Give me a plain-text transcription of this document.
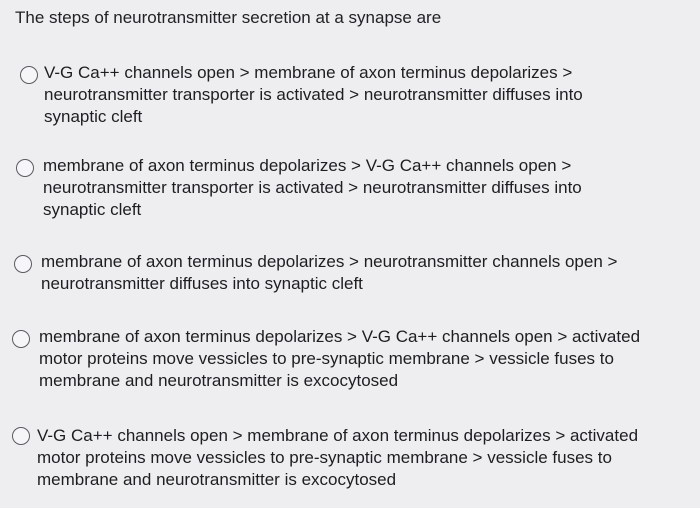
The steps of neurotransmitter secretion at a synapse are
V-G Ca++ channels open > membrane of axon terminus depolarizes >
neurotransmitter transporter is activated > neurotransmitter diffuses into
synaptic cleft
membrane of axon terminus depolarizes > V-G Ca++ channels open >
neurotransmitter transporter is activated > neurotransmitter diffuses into
synaptic cleft
membrane of axon terminus depolarizes > neurotransmitter channels open >
neurotransmitter diffuses into synaptic cleft
membrane of axon terminus depolarizes > V-G Ca++ channels open > activated
motor proteins move vessicles to pre-synaptic membrane > vessicle fuses to
membrane and neurotransmitter is excocytosed
V-G Ca++ channels open > membrane of axon terminus depolarizes > activated
motor proteins move vessicles to pre-synaptic membrane > vessicle fuses to
membrane and neurotransmitter is excocytosed
